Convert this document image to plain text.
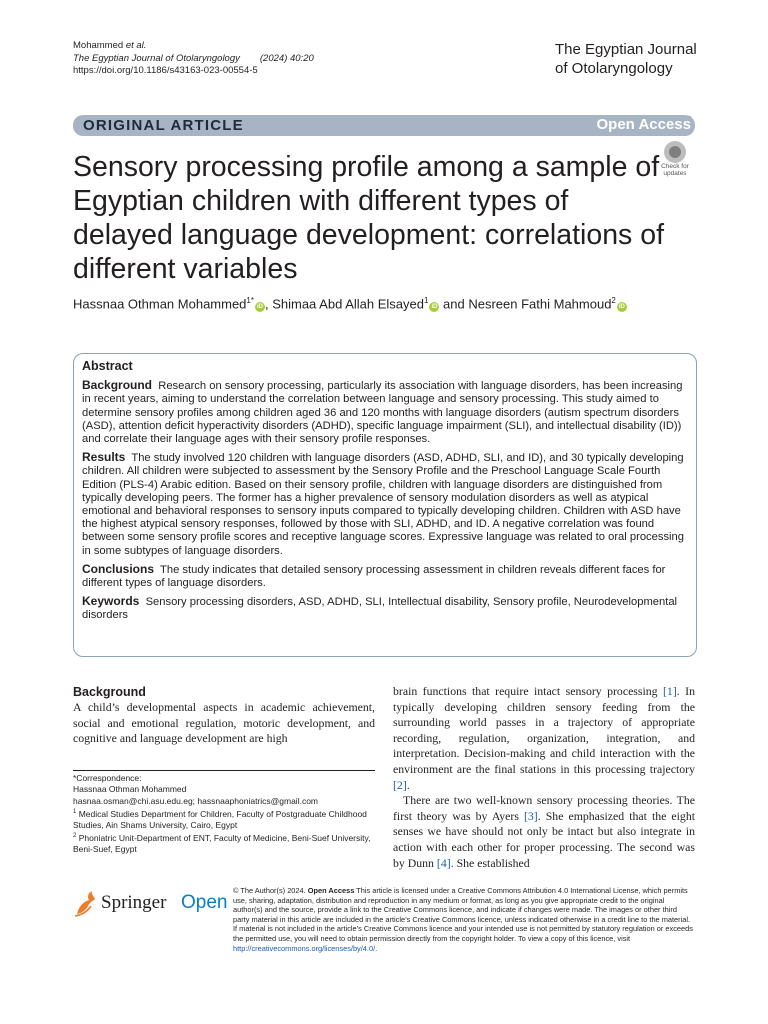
Mohammed et al.
The Egyptian Journal of Otolaryngology (2024) 40:20
https://doi.org/10.1186/s43163-023-00554-5
The Egyptian Journal
of Otolaryngology
ORIGINAL ARTICLE	Open Access
Sensory processing profile among a sample of Egyptian children with different types of delayed language development: correlations of different variables
Check for
updates
Hassnaa Othman Mohammed$^{1*}$iD , Shimaa Abd Allah Elsayed$^1$iD and Nesreen Fathi Mahmoud$^2$iD
Abstract

Background Research on sensory processing, particularly its association with language disorders, has been increasing in recent years, aiming to understand the correlation between language and sensory processing. This study aimed to determine sensory profiles among children aged 36 and 120 months with language disorders (autism spectrum disorders (ASD), attention deficit hyperactivity disorders (ADHD), specific language impairment (SLI), and intellectual disability (ID)) and correlate their language ages with their sensory profile responses.

Results The study involved 120 children with language disorders (ASD, ADHD, SLI, and ID), and 30 typically developing children. All children were subjected to assessment by the Sensory Profile and the Preschool Language Scale Fourth Edition (PLS-4) Arabic edition. Based on their sensory profile, children with language disorders are distinguished from typically developing peers. The former has a higher prevalence of sensory modulation disorders as well as atypical emotional and behavioral responses to sensory inputs compared to typically developing children. Children with ASD have the highest atypical sensory responses, followed by those with SLI, ADHD, and ID. A negative correlation was found between some sensory profile scores and receptive language scores. Expressive language was related to oral processing in some subtypes of language disorders.

Conclusions The study indicates that detailed sensory processing assessment in children reveals different faces for different types of language disorders.

Keywords Sensory processing disorders, ASD, ADHD, SLI, Intellectual disability, Sensory profile, Neurodevelopmental disorders

Background

A child’s developmental aspects in academic achievement, social and emotional regulation, motoric development, and cognitive and language development are high

*Correspondence:

Hassnaa Othman Mohammed

hasnaa.osman@chi.asu.edu.eg; hassnaaphoniatrics@gmail.com

$^1$ Medical Studies Department for Children, Faculty of Postgraduate Childhood Studies, Ain Shams University, Cairo, Egypt

$^2$ Phoniatric Unit-Department of ENT, Faculty of Medicine, Beni-Suef University, Beni-Suef, Egypt

brain functions that require intact sensory processing [1]. In typically developing children sensory feeding from the surrounding world passes in a trajectory of appropriate recording, regulation, organization, integration, and interpretation. Decision-making and child interaction with the environment are the final stations in this processing trajectory [2].

There are two well-known sensory processing theories. The first theory was by Ayers [3]. She emphasized that the eight senses we have should not only be intact but also integrate in action with each other for proper processing. The second was by Dunn [4]. She established

Springer Open
© The Author(s) 2024. Open Access This article is licensed under a Creative Commons Attribution 4.0 International License, which permits use, sharing, adaptation, distribution and reproduction in any medium or format, as long as you give appropriate credit to the original author(s) and the source, provide a link to the Creative Commons licence, and indicate if changes were made. The images or other third party material in this article are included in the article’s Creative Commons licence, unless indicated otherwise in a credit line to the material. If material is not included in the article’s Creative Commons licence and your intended use is not permitted by statutory regulation or exceeds the permitted use, you will need to obtain permission directly from the copyright holder. To view a copy of this licence, visit http://creativecommons.org/licenses/by/4.0/.
